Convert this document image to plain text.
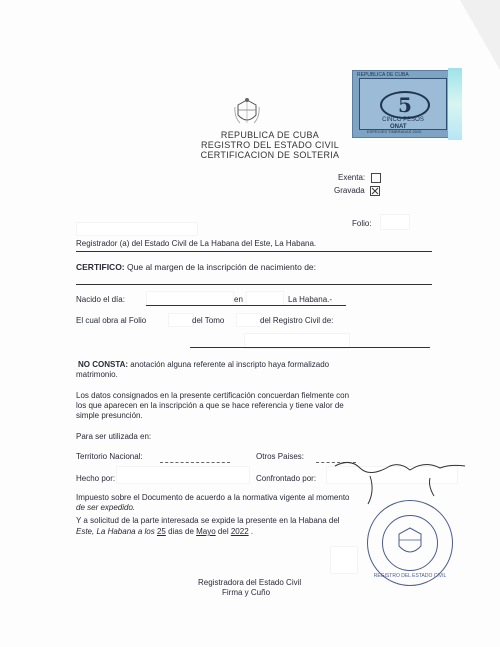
REPUBLICA DE CUBA
REGISTRO DEL ESTADO CIVIL
CERTIFICACION DE SOLTERIA
REPUBLICA DE CUBA
5
CINCO PESOS
ONAT
ESPECIES TIMBRADAS 2020
Exenta:
Gravada
Folio:
Registrador (a) del Estado Civil de La Habana del Este, La Habana.
CERTIFICO: Que al margen de la inscripción de nacimiento de:
Nacido el día:	en	La Habana.-
El cual obra al Folio	del Tomo	del Registro Civil de:
NO CONSTA: anotación alguna referente al inscripto haya formalizado
matrimonio.
Los datos consignados en la presente certificación concuerdan fielmente con
los que aparecen en la inscripción a que se hace referencia y tiene valor de
simple presunción.
Para ser utilizada en:
Territorio Nacional:	Otros Paises:
Hecho por:	Confrontado por:
Impuesto sobre el Documento de acuerdo a la normativa vigente al momento
de ser expedido.
Y a solicitud de la parte interesada se expide la presente en la Habana del
Este, La Habana a los 25 dias de Mayo del 2022 .
REGISTRO DEL ESTADO CIVIL
Registradora del Estado Civil
Firma y Cuño
